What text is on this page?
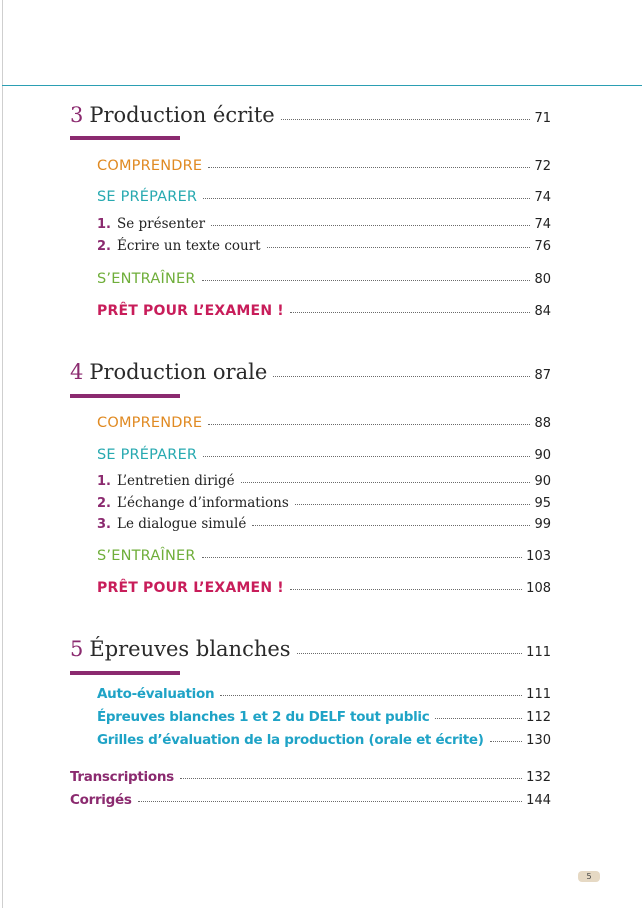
3 Production écrite	71
COMPRENDRE	72
SE PRÉPARER	74
1. Se présenter	74
2. Écrire un texte court	76
S’ENTRAÎNER	80
PRÊT POUR L’EXAMEN !	84
4 Production orale	87
COMPRENDRE	88
SE PRÉPARER	90
1. L’entretien dirigé	90
2. L’échange d’informations	95
3. Le dialogue simulé	99
S’ENTRAÎNER	103
PRÊT POUR L’EXAMEN !	108
5 Épreuves blanches	111
Auto-évaluation	111
Épreuves blanches 1 et 2 du DELF tout public	112
Grilles d’évaluation de la production (orale et écrite)	130
Transcriptions	132
Corrigés	144
5
